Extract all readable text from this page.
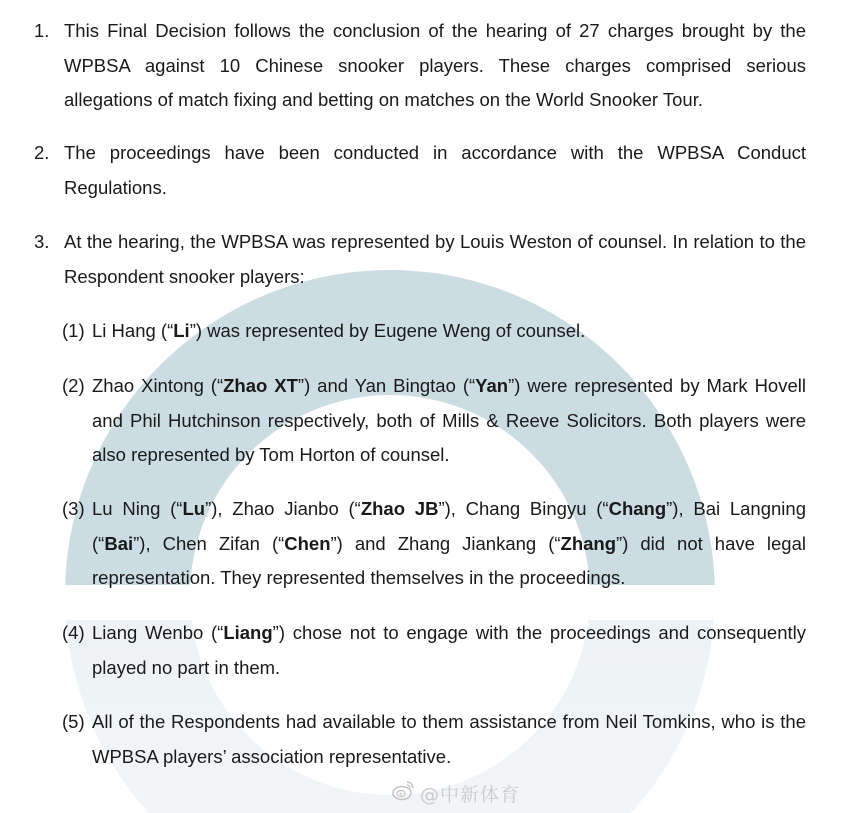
1. This Final Decision follows the conclusion of the hearing of 27 charges brought by the WPBSA against 10 Chinese snooker players. These charges comprised serious allegations of match fixing and betting on matches on the World Snooker Tour.
2. The proceedings have been conducted in accordance with the WPBSA Conduct Regulations.
3. At the hearing, the WPBSA was represented by Louis Weston of counsel. In relation to the Respondent snooker players:
(1) Li Hang (“Li”) was represented by Eugene Weng of counsel.
(2) Zhao Xintong (“Zhao XT”) and Yan Bingtao (“Yan”) were represented by Mark Hovell and Phil Hutchinson respectively, both of Mills & Reeve Solicitors. Both players were also represented by Tom Horton of counsel.
(3) Lu Ning (“Lu”), Zhao Jianbo (“Zhao JB”), Chang Bingyu (“Chang”), Bai Langning (“Bai”), Chen Zifan (“Chen”) and Zhang Jiankang (“Zhang”) did not have legal representation. They represented themselves in the proceedings.
(4) Liang Wenbo (“Liang”) chose not to engage with the proceedings and consequently played no part in them.
(5) All of the Respondents had available to them assistance from Neil Tomkins, who is the WPBSA players’ association representative.
@中新体育
